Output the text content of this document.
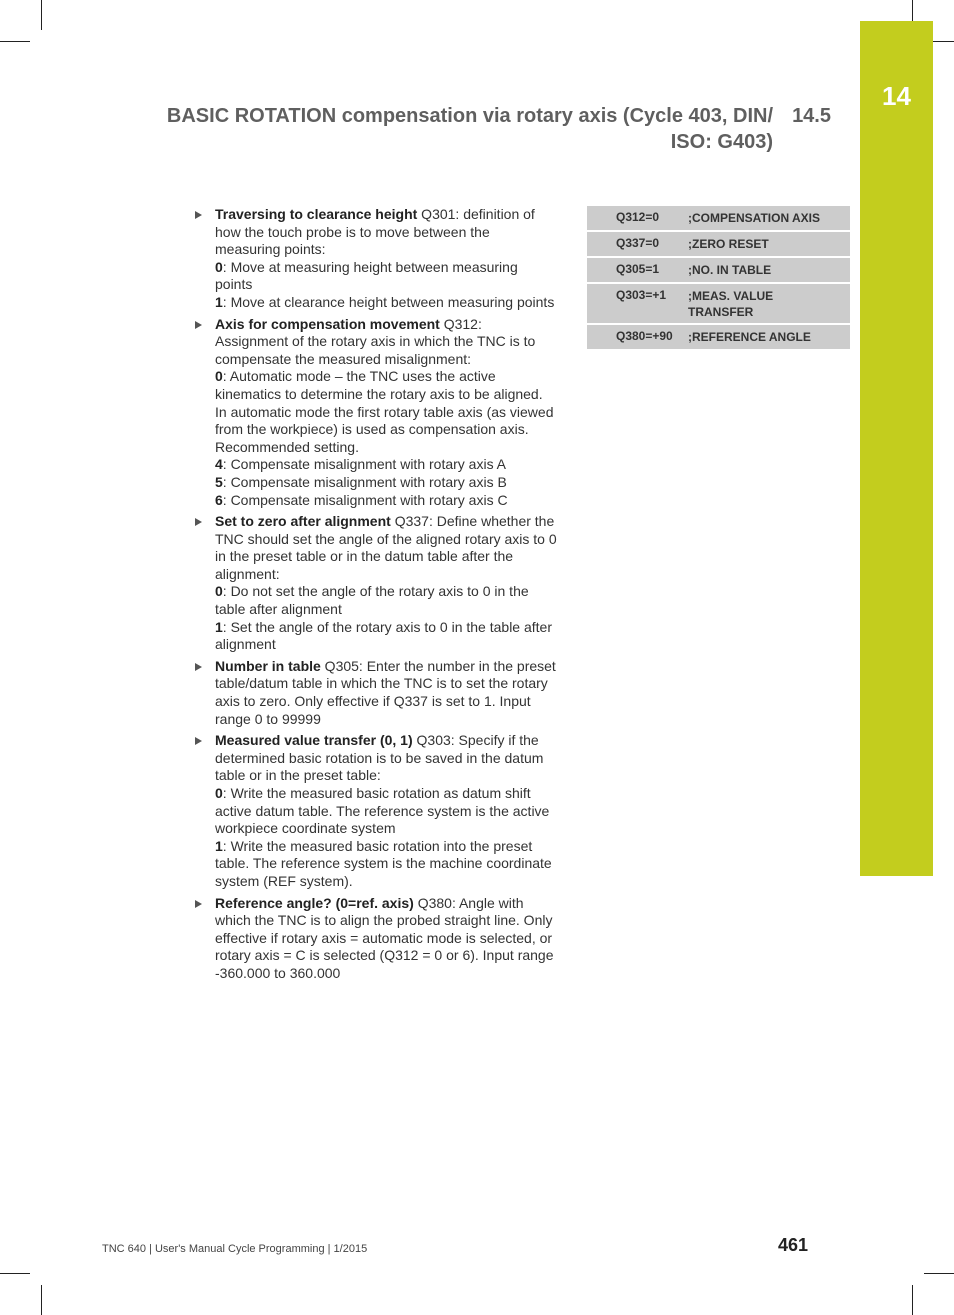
14
BASIC ROTATION compensation via rotary axis (Cycle 403, DIN/
ISO: G403)
14.5
Traversing to clearance height Q301: definition of how the touch probe is to move between the measuring points:
0: Move at measuring height between measuring points
1: Move at clearance height between measuring points
Axis for compensation movement Q312: Assignment of the rotary axis in which the TNC is to compensate the measured misalignment:
0: Automatic mode – the TNC uses the active kinematics to determine the rotary axis to be aligned. In automatic mode the first rotary table axis (as viewed from the workpiece) is used as compensation axis. Recommended setting.
4: Compensate misalignment with rotary axis A
5: Compensate misalignment with rotary axis B
6: Compensate misalignment with rotary axis C
Set to zero after alignment Q337: Define whether the TNC should set the angle of the aligned rotary axis to 0 in the preset table or in the datum table after the alignment:
0: Do not set the angle of the rotary axis to 0 in the table after alignment
1: Set the angle of the rotary axis to 0 in the table after alignment
Number in table Q305: Enter the number in the preset table/datum table in which the TNC is to set the rotary axis to zero. Only effective if Q337 is set to 1. Input range 0 to 99999
Measured value transfer (0, 1) Q303: Specify if the determined basic rotation is to be saved in the datum table or in the preset table:
0: Write the measured basic rotation as datum shift active datum table. The reference system is the active workpiece coordinate system
1: Write the measured basic rotation into the preset table. The reference system is the machine coordinate system (REF system).
Reference angle? (0=ref. axis) Q380: Angle with which the TNC is to align the probed straight line. Only effective if rotary axis = automatic mode is selected, or rotary axis = C is selected (Q312 = 0 or 6). Input range -360.000 to 360.000
Q312=0	;COMPENSATION AXIS
Q337=0	;ZERO RESET
Q305=1	;NO. IN TABLE
Q303=+1	;MEAS. VALUE TRANSFER
Q380=+90	;REFERENCE ANGLE
TNC 640 | User's Manual Cycle Programming | 1/2015	461
